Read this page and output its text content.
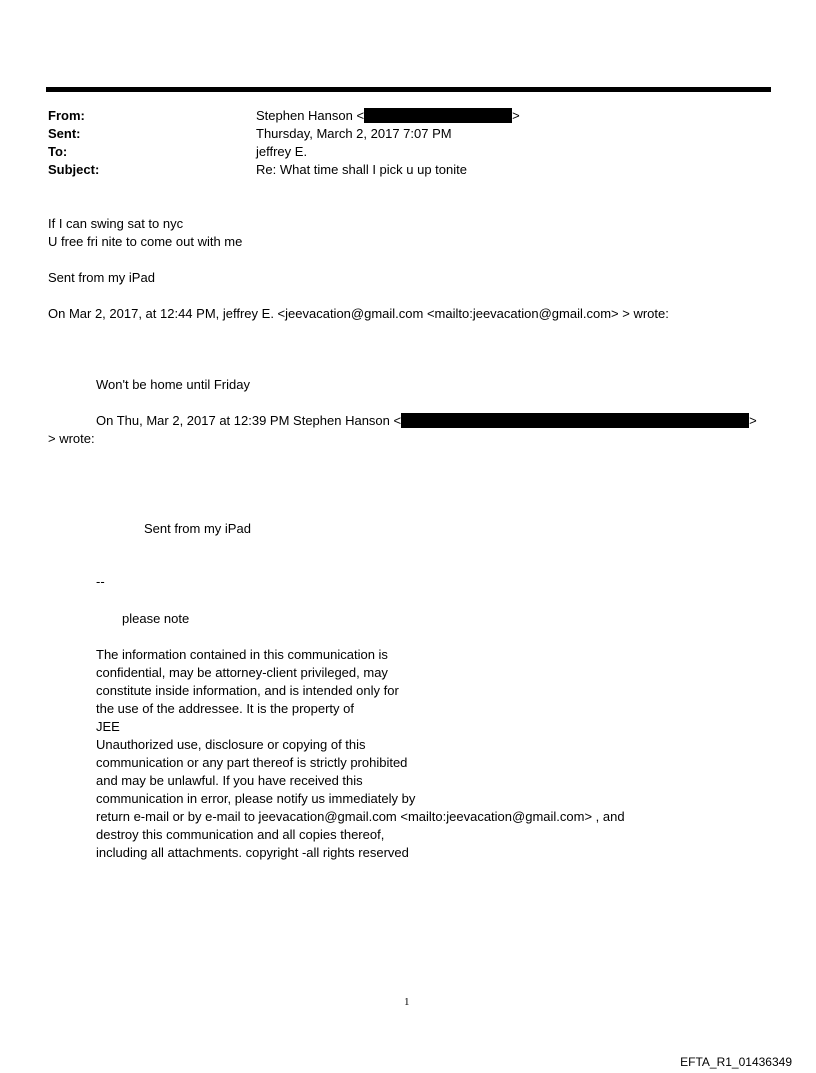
From:
Sent:
To:
Subject:
Stephen Hanson <	>
Thursday, March 2, 2017 7:07 PM
jeffrey E.
Re: What time shall I pick u up tonite
If I can swing sat to nyc
U free fri nite to come out with me
Sent from my iPad
On Mar 2, 2017, at 12:44 PM, jeffrey E. <jeevacation@gmail.com <mailto:jeevacation@gmail.com> > wrote:
Won't be home until Friday
On Thu, Mar 2, 2017 at 12:39 PM Stephen Hanson <	>
> wrote:
Sent from my iPad
--
please note
The information contained in this communication is
confidential, may be attorney-client privileged, may
constitute inside information, and is intended only for
the use of the addressee. It is the property of
JEE
Unauthorized use, disclosure or copying of this
communication or any part thereof is strictly prohibited
and may be unlawful. If you have received this
communication in error, please notify us immediately by
return e-mail or by e-mail to jeevacation@gmail.com <mailto:jeevacation@gmail.com> , and
destroy this communication and all copies thereof,
including all attachments. copyright -all rights reserved
1
EFTA_R1_01436349
